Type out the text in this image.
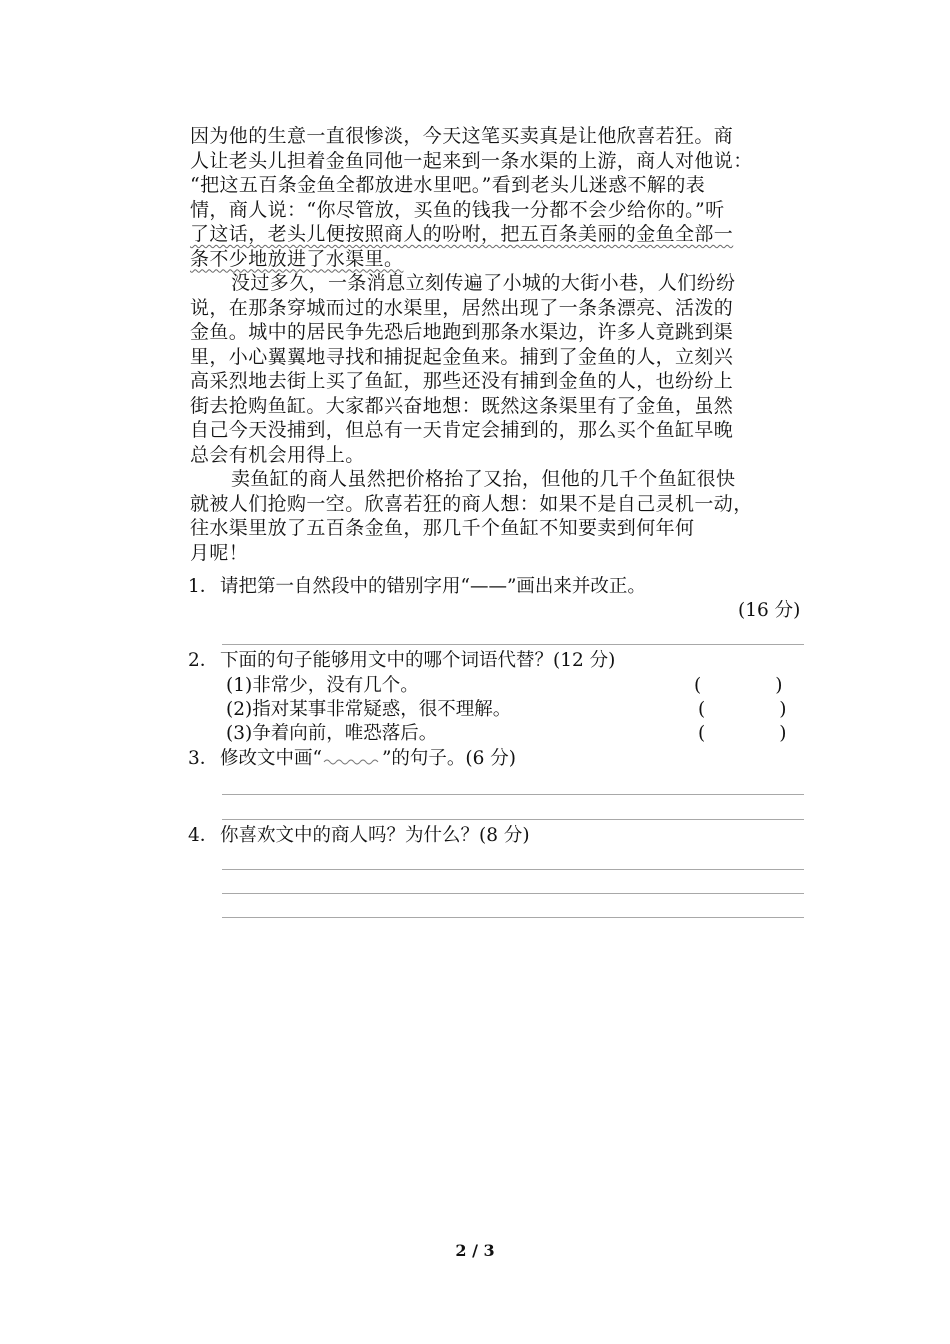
因为他的生意一直很惨淡，今天这笔买卖真是让他欣喜若狂。商
人让老头儿担着金鱼同他一起来到一条水渠的上游，商人对他说：
“把这五百条金鱼全都放进水里吧。”看到老头儿迷惑不解的表
情，商人说：“你尽管放，买鱼的钱我一分都不会少给你的。”听
了这话，老头儿便按照商人的吩咐，把五百条美丽的金鱼全部一
条不少地放进了水渠里。
没过多久，一条消息立刻传遍了小城的大街小巷，人们纷纷
说，在那条穿城而过的水渠里，居然出现了一条条漂亮、活泼的
金鱼。城中的居民争先恐后地跑到那条水渠边，许多人竟跳到渠
里，小心翼翼地寻找和捕捉起金鱼来。捕到了金鱼的人，立刻兴
高采烈地去街上买了鱼缸，那些还没有捕到金鱼的人，也纷纷上
街去抢购鱼缸。大家都兴奋地想：既然这条渠里有了金鱼，虽然
自己今天没捕到，但总有一天肯定会捕到的，那么买个鱼缸早晚
总会有机会用得上。
卖鱼缸的商人虽然把价格抬了又抬，但他的几千个鱼缸很快
就被人们抢购一空。欣喜若狂的商人想：如果不是自己灵机一动，
往水渠里放了五百条金鱼，那几千个鱼缸不知要卖到何年何
月呢！
1．请把第一自然段中的错别字用“——”画出来并改正。
(16 分)
2．下面的句子能够用文中的哪个词语代替？(12 分)
(1)非常少，没有几个。	(　　　　)
(2)指对某事非常疑惑，很不理解。	(　　　　)
(3)争着向前，唯恐落后。	(　　　　)
3．修改文中画“	”的句子。(6 分)
4．你喜欢文中的商人吗？为什么？(8 分)
2 / 3
